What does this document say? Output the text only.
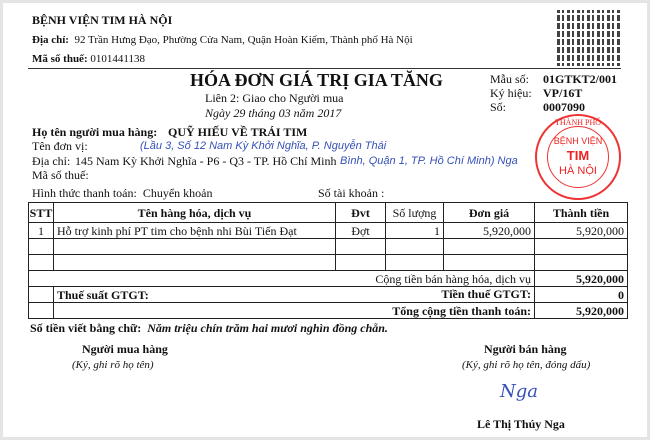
BỆNH VIỆN TIM HÀ NỘI
Địa chỉ: 92 Trần Hưng Đạo, Phường Cửa Nam, Quận Hoàn Kiếm, Thành phố Hà Nội
Mã số thuế: 0101441138
HÓA ĐƠN GIÁ TRỊ GIA TĂNG
Liên 2: Giao cho Người mua
Ngày 29 tháng 03 năm 2017
Mẫu số: 01GTKT2/001
Ký hiệu: VP/16T
Số:	0007090
Họ tên người mua hàng: QUỸ HIẾU VỀ TRÁI TIM
Tên đơn vị:
Địa chỉ: 145 Nam Kỳ Khởi Nghĩa - P6 - Q3 - TP. Hồ Chí Minh
Mã số thuế:
Hình thức thanh toán: Chuyển khoản	Số tài khoản :
(Lầu 3, Số 12 Nam Kỳ Khởi Nghĩa, P. Nguyễn Thái
Bình, Quận 1, TP. Hồ Chí Minh) Nga
THÀNH PHỐ
BỆNH VIỆN
TIM
HÀ NỘI
STT	Tên hàng hóa, dịch vụ	Đvt	Số lượng	Đơn giá	Thành tiền
1	Hỗ trợ kinh phí PT tim cho bệnh nhi Bùi Tiến Đạt	Đợt	1	5,920,000	5,920,000

Cộng tiền bán hàng hóa, dịch vụ					5,920,000
	Thuế suất GTGT: Tiền thuế GTGT:				0
	Tổng cộng tiền thanh toán:				5,920,000
Số tiền viết bằng chữ: Năm triệu chín trăm hai mươi nghìn đồng chẵn.
Người mua hàng
(Ký, ghi rõ họ tên)
Người bán hàng
(Ký, ghi rõ họ tên, đóng dấu)
Nga
Lê Thị Thúy Nga
